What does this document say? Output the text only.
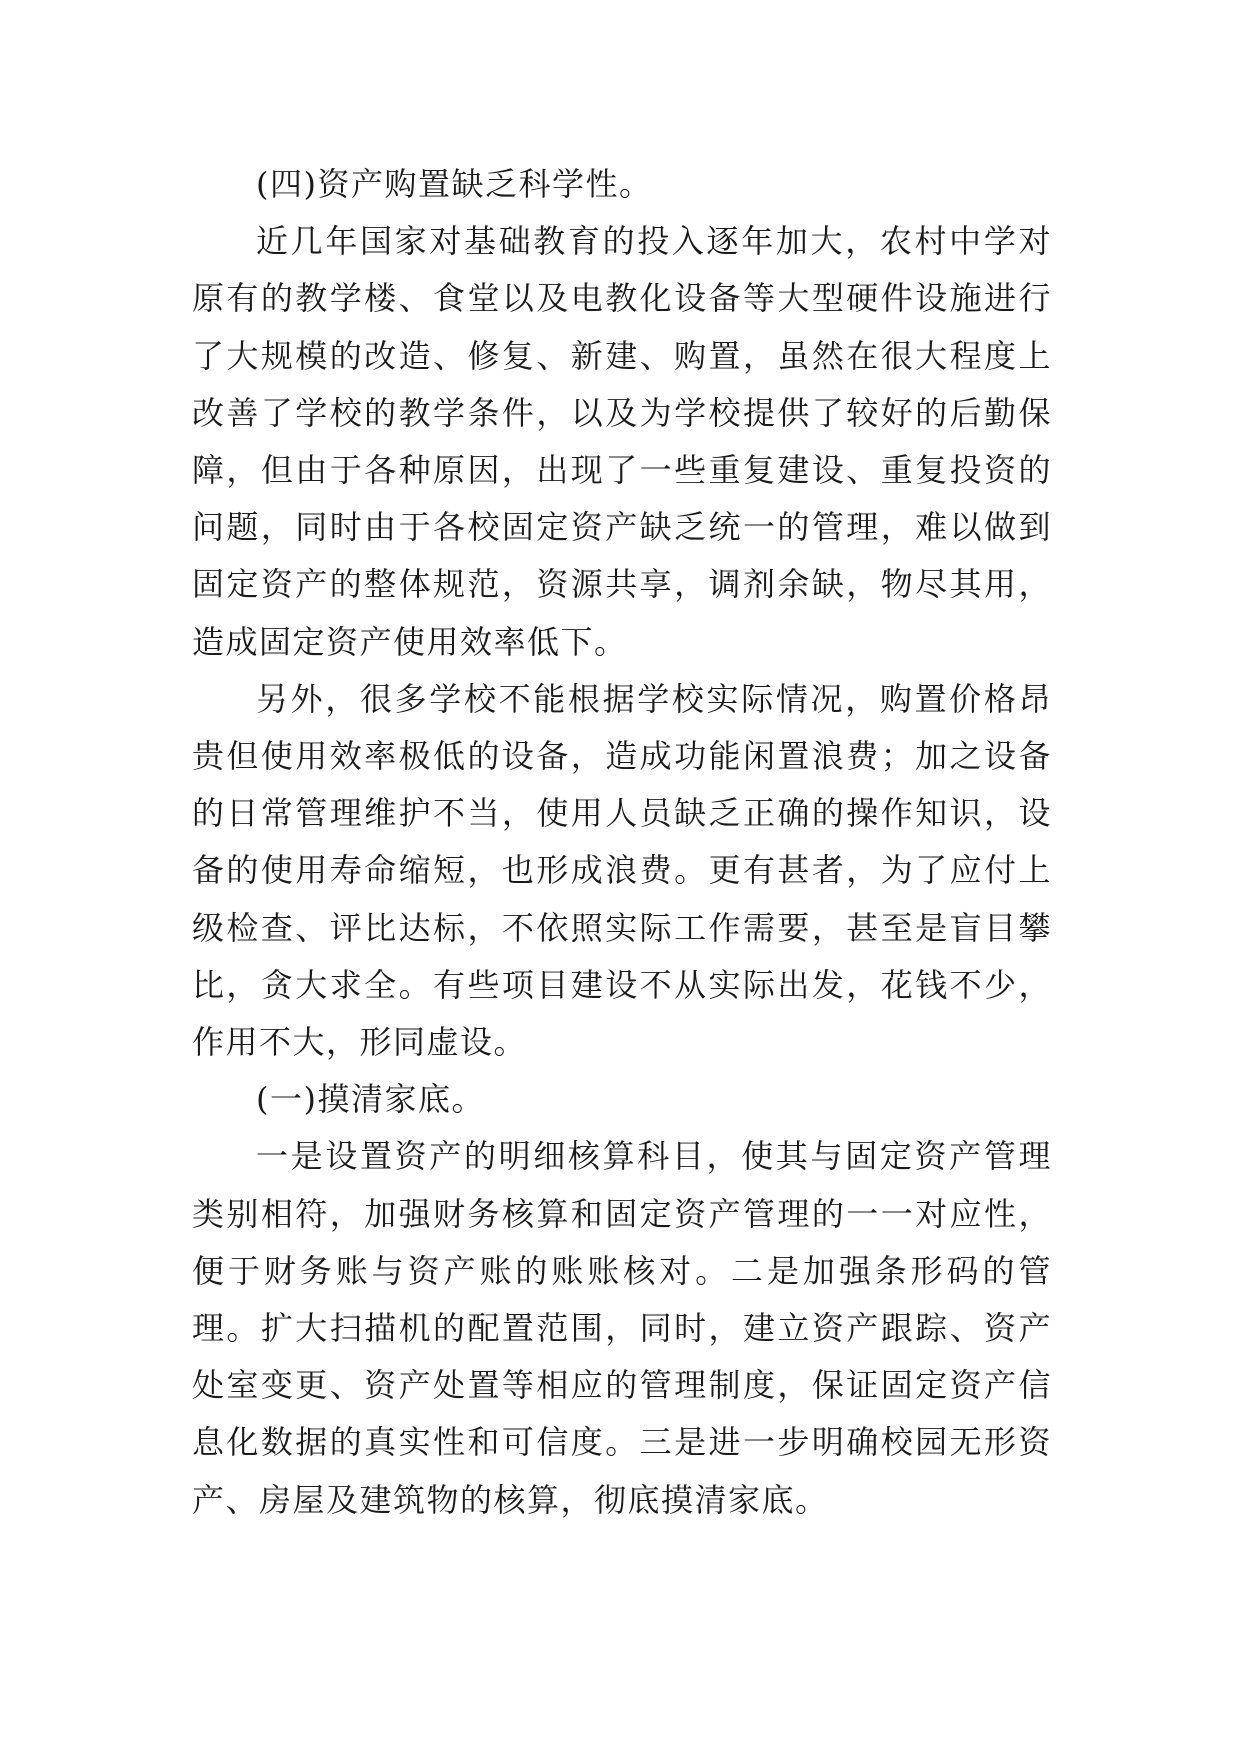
(四)资产购置缺乏科学性。

近几年国家对基础教育的投入逐年加大，农村中学对原有的教学楼、食堂以及电教化设备等大型硬件设施进行了大规模的改造、修复、新建、购置，虽然在很大程度上改善了学校的教学条件，以及为学校提供了较好的后勤保障，但由于各种原因，出现了一些重复建设、重复投资的问题，同时由于各校固定资产缺乏统一的管理，难以做到固定资产的整体规范，资源共享，调剂余缺，物尽其用，造成固定资产使用效率低下。

另外，很多学校不能根据学校实际情况，购置价格昂贵但使用效率极低的设备，造成功能闲置浪费；加之设备的日常管理维护不当，使用人员缺乏正确的操作知识，设备的使用寿命缩短，也形成浪费。更有甚者，为了应付上级检查、评比达标，不依照实际工作需要，甚至是盲目攀比，贪大求全。有些项目建设不从实际出发，花钱不少，作用不大，形同虚设。

(一)摸清家底。

一是设置资产的明细核算科目，使其与固定资产管理类别相符，加强财务核算和固定资产管理的一一对应性，便于财务账与资产账的账账核对。二是加强条形码的管理。扩大扫描机的配置范围，同时，建立资产跟踪、资产处室变更、资产处置等相应的管理制度，保证固定资产信息化数据的真实性和可信度。三是进一步明确校园无形资产、房屋及建筑物的核算，彻底摸清家底。
